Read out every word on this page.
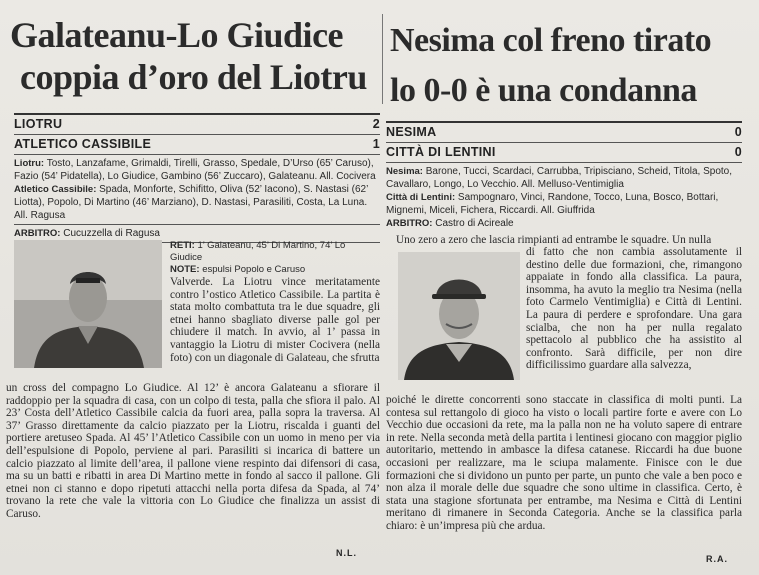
Galateanu-Lo Giudice
coppia d’oro del Liotru
LIOTRU	2
ATLETICO CASSIBILE	1
Liotru: Tosto, Lanzafame, Grimaldi, Tirelli, Grasso, Spedale, D’Urso (65’ Caruso), Fazio (54’ Pidatella), Lo Giudice, Gambino (56’ Zuccaro), Galateanu. All. Cocivera
Atletico Cassibile: Spada, Monforte, Schifitto, Oliva (52’ Iacono), S. Nastasi (62’ Liotta), Popolo, Di Martino (46’ Marziano), D. Nastasi, Parasiliti, Costa, La Luna. All. Ragusa
ARBITRO: Cucuzzella di Ragusa
RETI: 1’ Galateanu, 45’ Di Martino, 74’ Lo Giudice
NOTE: espulsi Popolo e Caruso
Valverde. La Liotru vince meritatamente contro l’ostico Atletico Cassibile. La partita è stata molto combattuta tra le due squadre, gli etnei hanno sbagliato diverse palle gol per chiudere il match. In avvio, al 1’ passa in vantaggio la Liotru di mister Cocivera (nella foto) con un diagonale di Galateau, che sfrutta
un cross del compagno Lo Giudice. Al 12’ è ancora Galateanu a sfiorare il raddoppio per la squadra di casa, con un colpo di testa, palla che sfiora il palo. Al 23’ Costa dell’Atletico Cassibile calcia da fuori area, palla sopra la traversa. Al 37’ Grasso direttamente da calcio piazzato per la Liotru, riscalda i guanti del portiere aretuseo Spada. Al 45’ l’Atletico Cassibile con un uomo in meno per via dell’espulsione di Popolo, perviene al pari. Parasiliti si incarica di battere un calcio piazzato al limite dell’area, il pallone viene respinto dai difensori di casa, ma su un batti e ribatti in area Di Martino mette in fondo al sacco il pallone. Gli etnei non ci stanno e dopo ripetuti attacchi nella porta difesa da Spada, al 74’ trovano la rete che vale la vittoria con Lo Giudice che finalizza un assist di Caruso.
N.L.
Nesima col freno tirato
lo 0-0 è una condanna
NESIMA	0
CITTÀ DI LENTINI	0
Nesima: Barone, Tucci, Scardaci, Carrubba, Tripisciano, Scheid, Titola, Spoto, Cavallaro, Longo, Lo Vecchio. All. Melluso-Ventimiglia
Città di Lentini: Sampognaro, Vinci, Randone, Tocco, Luna, Bosco, Bottari, Mignemi, Miceli, Fichera, Riccardi. All. Giuffrida
ARBITRO: Castro di Acireale
Uno zero a zero che lascia rimpianti ad entrambe le squadre. Un nulla
di fatto che non cambia assolutamente il destino delle due formazioni, che, rimangono appaiate in fondo alla classifica. La paura, insomma, ha avuto la meglio tra Nesima (nella foto Carmelo Ventimiglia) e Città di Lentini. La paura di perdere e sprofondare. Una gara scialba, che non ha per nulla regalato spettacolo al pubblico che ha assistito al confronto. Sarà difficile, per non dire difficilissimo guardare alla salvezza,
poiché le dirette concorrenti sono staccate in classifica di molti punti. La contesa sul rettangolo di gioco ha visto o locali partire forte e avere con Lo Vecchio due occasioni da rete, ma la palla non ne ha voluto sapere di entrare in rete. Nella seconda metà della partita i lentinesi giocano con maggior piglio autoritario, mettendo in ambasce la difesa catanese. Riccardi ha due buone occasioni per realizzare, ma le sciupa malamente. Finisce con le due formazioni che si dividono un punto per parte, un punto che vale a ben poco e non alza il morale delle due squadre che sono ultime in classifica. Certo, è stata una stagione sfortunata per entrambe, ma Nesima e Città di Lentini meritano di rimanere in Seconda Categoria. Anche se la classifica parla chiaro: è un’impresa più che ardua.
R.A.
